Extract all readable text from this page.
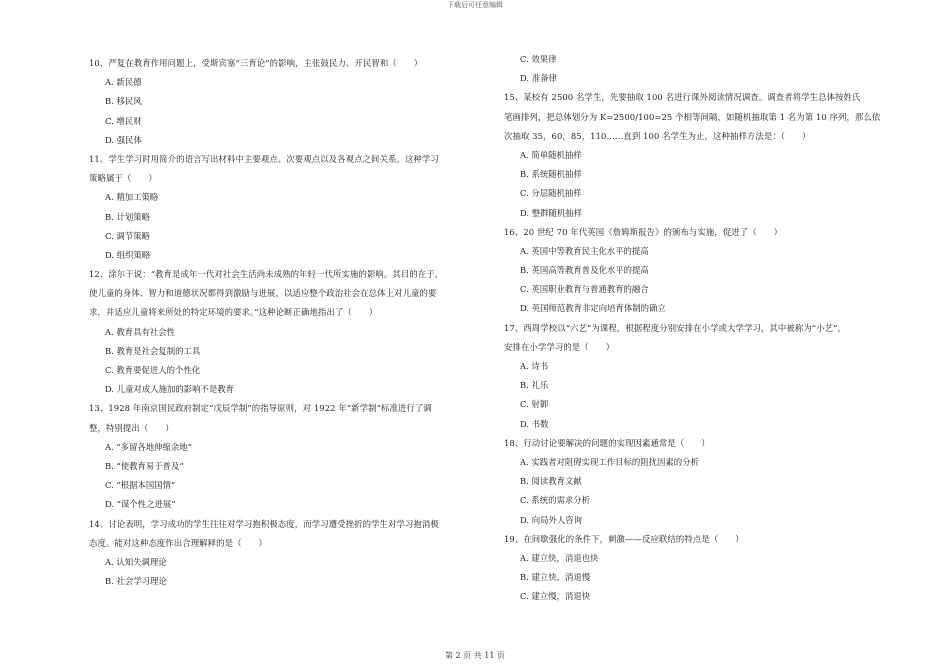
下载后可任意编辑
10、严复在教育作用问题上，受斯宾塞“三育论”的影响，主张鼓民力、开民智和（　　）
A. 新民德
B. 移民风
C. 增民财
D. 强民体
11、学生学习时用简介的语言写出材料中主要观点、次要观点以及各观点之间关系。这种学习
策略属于（　　）
A. 精加工策略
B. 计划策略
C. 调节策略
D. 组织策略
12、涂尔干说：“教育是成年一代对社会生活尚未成熟的年轻一代所实施的影响。其目的在于，
使儿童的身体、智力和道德状况都得到激励与进展，以适应整个政治社会在总体上对儿童的要
求，并适应儿童将来所处的特定环境的要求。”这种论断正确地指出了（　　）
A. 教育具有社会性
B. 教育是社会复制的工具
C. 教育要促进人的个性化
D. 儿童对成人施加的影响不是教育
13、1928 年南京国民政府制定“戊辰学制”的指导原则，对 1922 年“新学制”标准进行了调
整，特别提出（　　）
A. “多留各地伸缩余地”
B. “使教育易于普及”
C. “根据本国国情”
D. “谋个性之进展”
14、讨论表明，学习成功的学生往往对学习抱积极态度，而学习遭受挫折的学生对学习抱消极
态度。能对这种态度作出合理解释的是（　　）
A. 认知失调理论
B. 社会学习理论
C. 效果律
D. 准备律
15、某校有 2500 名学生，先要抽取 100 名进行课外阅读情况调查。调查者将学生总体按姓氏
笔画排列，把总体划分为 K=2500/100=25 个相等间隔，如随机抽取第 1 名为第 10 序列，那么依
次抽取 35，60，85，110……直到 100 名学生为止，这种抽样方法是：（　　）
A. 简单随机抽样
B. 系统随机抽样
C. 分层随机抽样
D. 整群随机抽样
16、20 世纪 70 年代英国《詹姆斯报告》的颁布与实施，促进了（　　）
A. 英国中等教育民主化水平的提高
B. 英国高等教育普及化水平的提高
C. 英国职业教育与普通教育的融合
D. 英国师范教育非定向培育体制的确立
17、西周学校以“六艺”为课程，根据程度分别安排在小学或大学学习，其中被称为“小艺”，
安排在小学学习的是（　　）
A. 诗书
B. 礼乐
C. 射御
D. 书数
18、行动讨论要解决的问题的实现因素通常是（　　）
A. 实践者对阻碍实现工作目标的阻扰因素的分析
B. 阅读教育文献
C. 系统的需求分析
D. 向局外人咨询
19、在间歇强化的条件下，刺激——反应联结的特点是（　　）
A. 建立快，消退也快
B. 建立快，消退慢
C. 建立慢，消退快
第 2 页 共 11 页
